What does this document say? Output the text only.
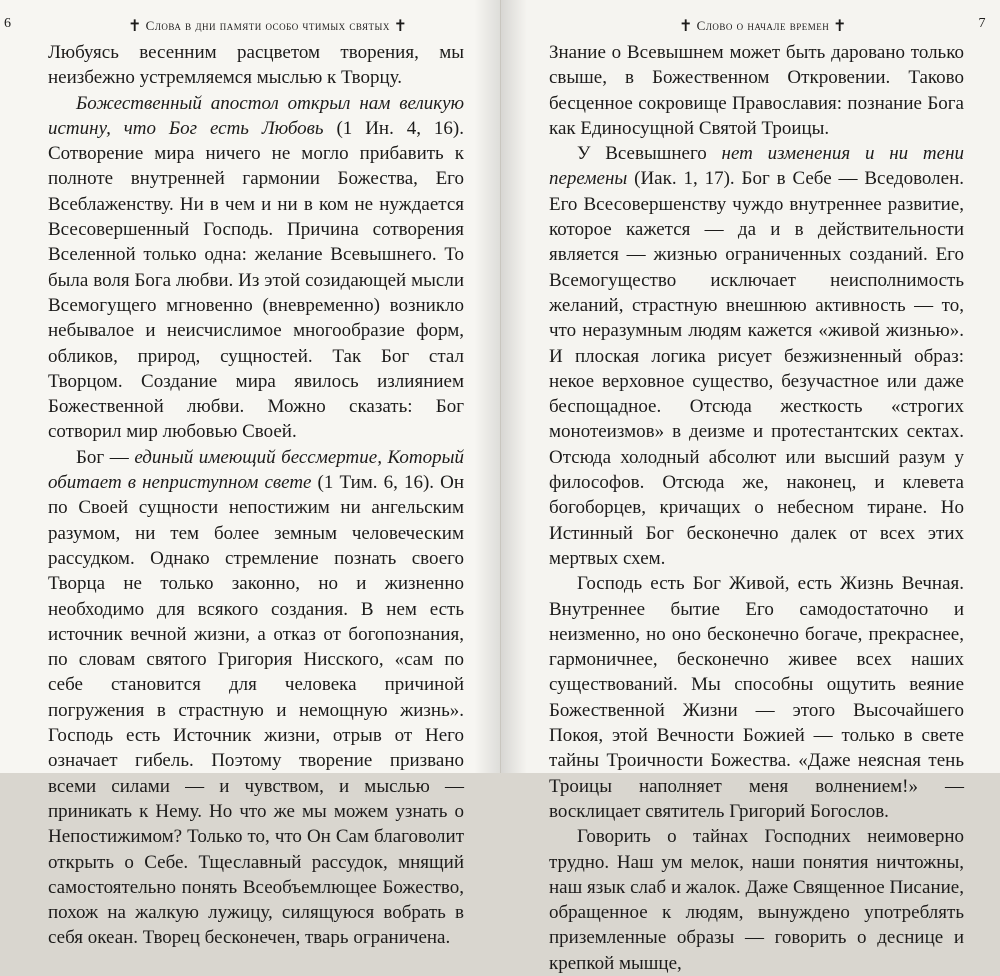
6	✝ Слова в дни памяти особо чтимых святых ✝

Любуясь весенним расцветом творения, мы неизбежно устремляемся мыслью к Творцу.

Божественный апостол открыл нам великую истину, что Бог есть Любовь (1 Ин. 4, 16). Сотворение мира ничего не могло прибавить к полноте внутренней гармонии Божества, Его Всеблаженству. Ни в чем и ни в ком не нуждается Всесовершенный Господь. Причина сотворения Вселенной только одна: желание Всевышнего. То была воля Бога любви. Из этой созидающей мысли Всемогущего мгновенно (вневременно) возникло небывалое и неисчислимое многообразие форм, обликов, природ, сущностей. Так Бог стал Творцом. Создание мира явилось излиянием Божественной любви. Можно сказать: Бог сотворил мир любовью Своей.

Бог — единый имеющий бессмертие, Который обитает в неприступном свете (1 Тим. 6, 16). Он по Своей сущности непостижим ни ангельским разумом, ни тем более земным человеческим рассудком. Однако стремление познать своего Творца не только законно, но и жизненно необходимо для всякого создания. В нем есть источник вечной жизни, а отказ от богопознания, по словам святого Григория Нисского, «сам по себе становится для человека причиной погружения в страстную и немощную жизнь». Господь есть Источник жизни, отрыв от Него означает гибель. Поэтому творение призвано всеми силами — и чувством, и мыслью — приникать к Нему. Но что же мы можем узнать о Непостижимом? Только то, что Он Сам благоволит открыть о Себе. Тщеславный рассудок, мнящий самостоятельно понять Всеобъемлющее Божество, похож на жалкую лужицу, силящуюся вобрать в себя океан. Творец бесконечен, тварь ограничена.

✝ Слово о начале времен ✝	7

Знание о Всевышнем может быть даровано только свыше, в Божественном Откровении. Таково бесценное сокровище Православия: познание Бога как Единосущной Святой Троицы.

У Всевышнего нет изменения и ни тени перемены (Иак. 1, 17). Бог в Себе — Вседоволен. Его Всесовершенству чуждо внутреннее развитие, которое кажется — да и в действительности является — жизнью ограниченных созданий. Его Всемогущество исключает неисполнимость желаний, страстную внешнюю активность — то, что неразумным людям кажется «живой жизнью». И плоская логика рисует безжизненный образ: некое верховное существо, безучастное или даже беспощадное. Отсюда жесткость «строгих монотеизмов» в деизме и протестантских сектах. Отсюда холодный абсолют или высший разум у философов. Отсюда же, наконец, и клевета богоборцев, кричащих о небесном тиране. Но Истинный Бог бесконечно далек от всех этих мертвых схем.

Господь есть Бог Живой, есть Жизнь Вечная. Внутреннее бытие Его самодостаточно и неизменно, но оно бесконечно богаче, прекраснее, гармоничнее, бесконечно живее всех наших существований. Мы способны ощутить веяние Божественной Жизни — этого Высочайшего Покоя, этой Вечности Божией — только в свете тайны Троичности Божества. «Даже неясная тень Троицы наполняет меня волнением!» — восклицает святитель Григорий Богослов.

Говорить о тайнах Господних неимоверно трудно. Наш ум мелок, наши понятия ничтожны, наш язык слаб и жалок. Даже Священное Писание, обращенное к людям, вынуждено употреблять приземленные образы — говорить о деснице и крепкой мышце,
